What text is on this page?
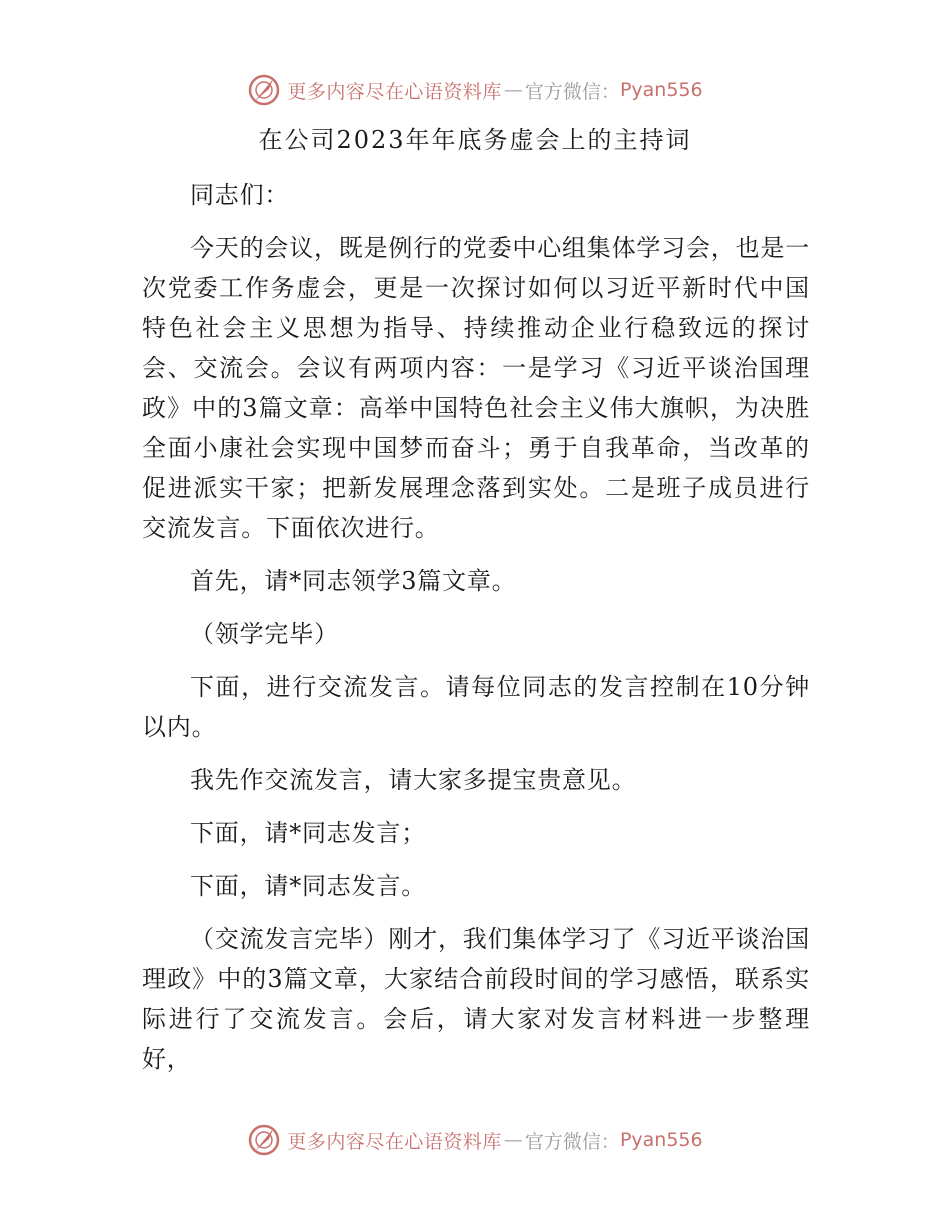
更多内容尽在心语资料库 — 官方微信： Pyan556
在公司2023年年底务虚会上的主持词

同志们：

今天的会议，既是例行的党委中心组集体学习会，也是一次党委工作务虚会，更是一次探讨如何以习近平新时代中国特色社会主义思想为指导、持续推动企业行稳致远的探讨会、交流会。会议有两项内容：一是学习《习近平谈治国理政》中的3篇文章：高举中国特色社会主义伟大旗帜，为决胜全面小康社会实现中国梦而奋斗；勇于自我革命，当改革的促进派实干家；把新发展理念落到实处。二是班子成员进行交流发言。下面依次进行。

首先，请*同志领学3篇文章。

（领学完毕）

下面，进行交流发言。请每位同志的发言控制在10分钟以内。

我先作交流发言，请大家多提宝贵意见。

下面，请*同志发言；

下面，请*同志发言。

（交流发言完毕）刚才，我们集体学习了《习近平谈治国理政》中的3篇文章，大家结合前段时间的学习感悟，联系实际进行了交流发言。会后，请大家对发言材料进一步整理好，

更多内容尽在心语资料库 — 官方微信： Pyan556
